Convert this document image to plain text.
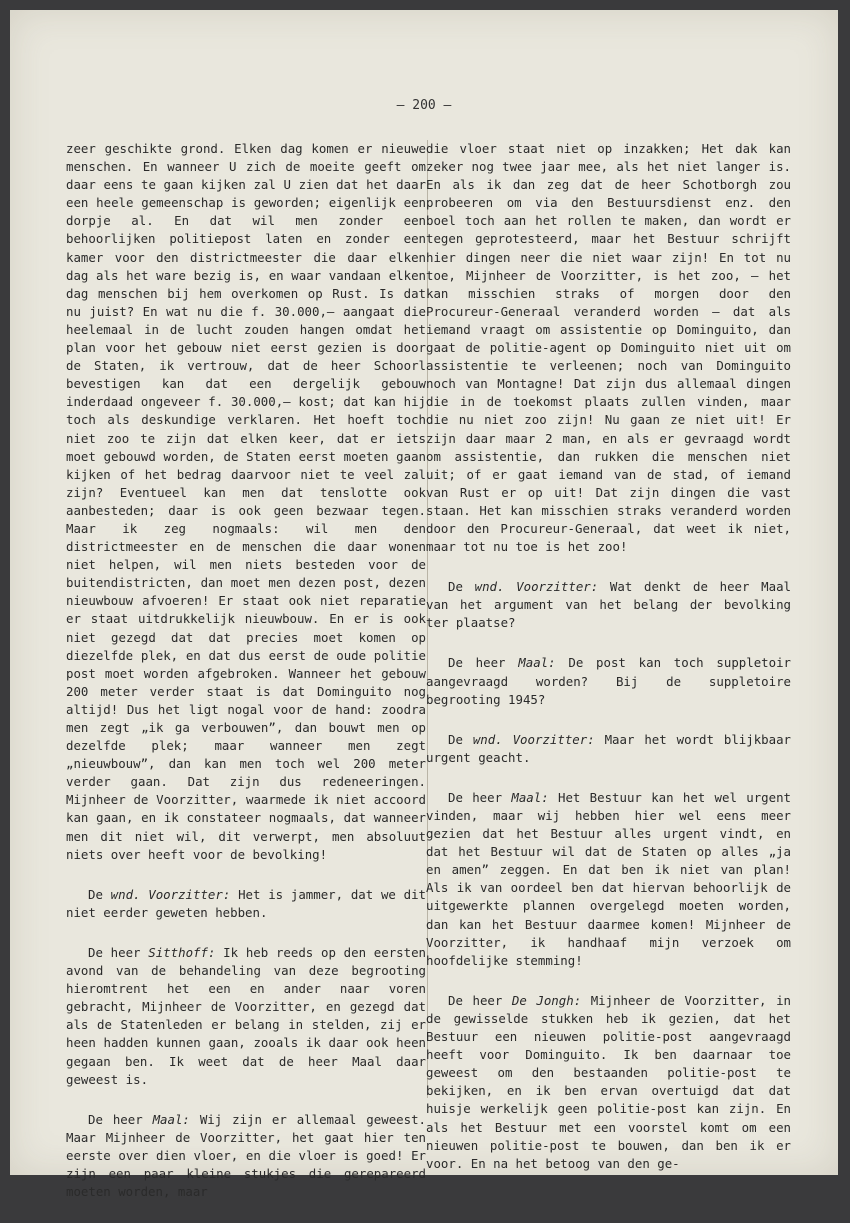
— 200 —

zeer geschikte grond. Elken dag komen er nieuwe menschen. En wanneer U zich de moeite geeft om daar eens te gaan kijken zal U zien dat het daar een heele gemeenschap is geworden; eigenlijk een dorpje al. En dat wil men zonder een behoorlijken politiepost laten en zonder een kamer voor den districtmeester die daar elken dag als het ware bezig is, en waar vandaan elken dag menschen bij hem overkomen op Rust. Is dat nu juist? En wat nu die f. 30.000,— aangaat die heelemaal in de lucht zouden hangen omdat het plan voor het gebouw niet eerst gezien is door de Staten, ik vertrouw, dat de heer Schoorl bevestigen kan dat een dergelijk gebouw inderdaad ongeveer f. 30.000,— kost; dat kan hij toch als deskundige verklaren. Het hoeft toch niet zoo te zijn dat elken keer, dat er iets moet gebouwd worden, de Staten eerst moeten gaan kijken of het bedrag daarvoor niet te veel zal zijn? Eventueel kan men dat tenslotte ook aanbesteden; daar is ook geen bezwaar tegen. Maar ik zeg nogmaals: wil men den districtmeester en de menschen die daar wonen niet helpen, wil men niets besteden voor de buitendistricten, dan moet men dezen post, dezen nieuwbouw afvoeren! Er staat ook niet reparatie er staat uitdrukkelijk nieuwbouw. En er is ook niet gezegd dat dat precies moet komen op diezelfde plek, en dat dus eerst de oude politie post moet worden afgebroken. Wanneer het gebouw 200 meter verder staat is dat Dominguito nog altijd! Dus het ligt nogal voor de hand: zoodra men zegt „ik ga verbouwen”, dan bouwt men op dezelfde plek; maar wanneer men zegt „nieuwbouw”, dan kan men toch wel 200 meter verder gaan. Dat zijn dus redeneeringen. Mijnheer de Voorzitter, waarmede ik niet accoord kan gaan, en ik constateer nogmaals, dat wanneer men dit niet wil, dit verwerpt, men absoluut niets over heeft voor de bevolking!

De wnd. Voorzitter: Het is jammer, dat we dit niet eerder geweten hebben.

De heer Sitthoff: Ik heb reeds op den eersten avond van de behandeling van deze begrooting hieromtrent het een en ander naar voren gebracht, Mijnheer de Voorzitter, en gezegd dat als de Statenleden er belang in stelden, zij er heen hadden kunnen gaan, zooals ik daar ook heen gegaan ben. Ik weet dat de heer Maal daar geweest is.

De heer Maal: Wij zijn er allemaal geweest. Maar Mijnheer de Voorzitter, het gaat hier ten eerste over dien vloer, en die vloer is goed! Er zijn een paar kleine stukjes die gerepareerd moeten worden, maar

die vloer staat niet op inzakken; Het dak kan zeker nog twee jaar mee, als het niet langer is. En als ik dan zeg dat de heer Schotborgh zou probeeren om via den Bestuursdienst enz. den boel toch aan het rollen te maken, dan wordt er tegen geprotesteerd, maar het Bestuur schrijft hier dingen neer die niet waar zijn! En tot nu toe, Mijnheer de Voorzitter, is het zoo, — het kan misschien straks of morgen door den Procureur-Generaal veranderd worden — dat als iemand vraagt om assistentie op Dominguito, dan gaat de politie-agent op Dominguito niet uit om assistentie te verleenen; noch van Dominguito noch van Montagne! Dat zijn dus allemaal dingen die in de toekomst plaats zullen vinden, maar die nu niet zoo zijn! Nu gaan ze niet uit! Er zijn daar maar 2 man, en als er gevraagd wordt om assistentie, dan rukken die menschen niet uit; of er gaat iemand van de stad, of iemand van Rust er op uit! Dat zijn dingen die vast staan. Het kan misschien straks veranderd worden door den Procureur-Generaal, dat weet ik niet, maar tot nu toe is het zoo!

De wnd. Voorzitter: Wat denkt de heer Maal van het argument van het belang der bevolking ter plaatse?

De heer Maal: De post kan toch suppletoir aangevraagd worden? Bij de suppletoire begrooting 1945?

De wnd. Voorzitter: Maar het wordt blijkbaar urgent geacht.

De heer Maal: Het Bestuur kan het wel urgent vinden, maar wij hebben hier wel eens meer gezien dat het Bestuur alles urgent vindt, en dat het Bestuur wil dat de Staten op alles „ja en amen” zeggen. En dat ben ik niet van plan! Als ik van oordeel ben dat hiervan behoorlijk de uitgewerkte plannen overgelegd moeten worden, dan kan het Bestuur daarmee komen! Mijnheer de Voorzitter, ik handhaaf mijn verzoek om hoofdelijke stemming!

De heer De Jongh: Mijnheer de Voorzitter, in de gewisselde stukken heb ik gezien, dat het Bestuur een nieuwen politie-post aangevraagd heeft voor Dominguito. Ik ben daarnaar toe geweest om den bestaanden politie-post te bekijken, en ik ben ervan overtuigd dat dat huisje werkelijk geen politie-post kan zijn. En als het Bestuur met een voorstel komt om een nieuwen politie-post te bouwen, dan ben ik er voor. En na het betoog van den ge-
